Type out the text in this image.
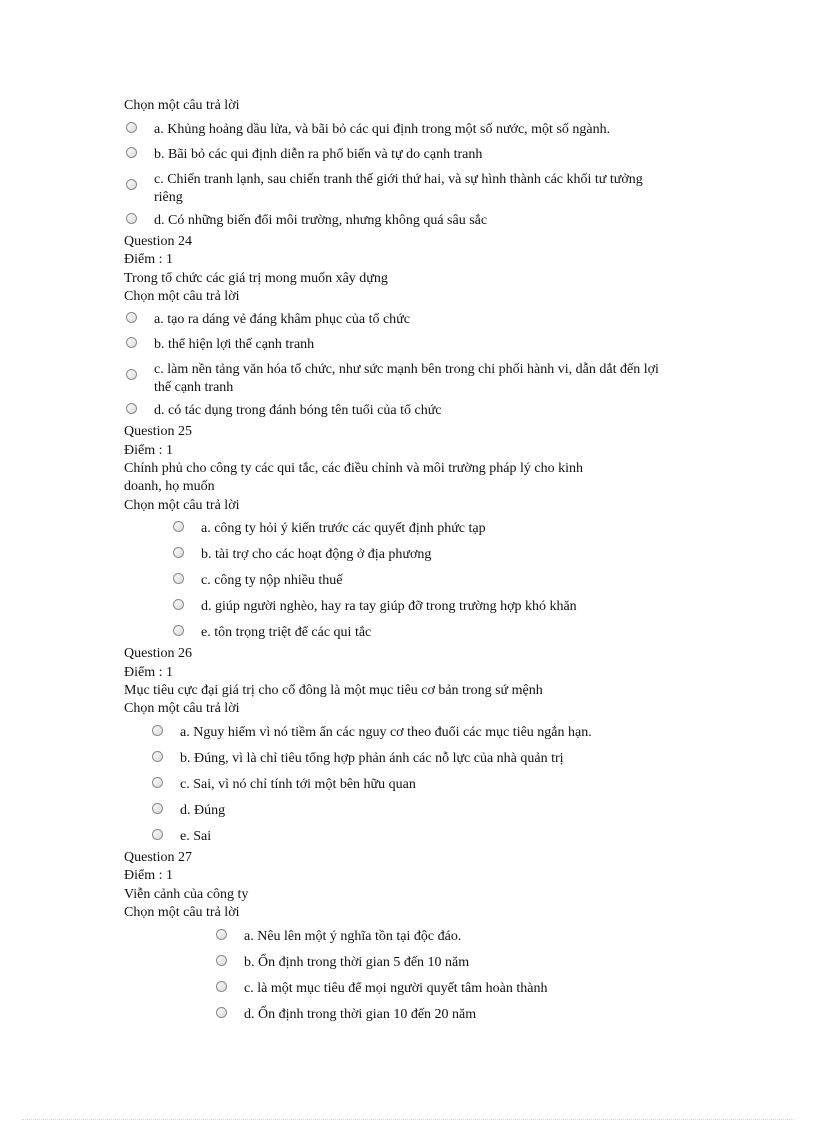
Chọn một câu trả lời
a. Khủng hoảng dầu lửa, và bãi bỏ các qui định trong một số nước, một số ngành.
b. Bãi bỏ các qui định diễn ra phổ biến và tự do cạnh tranh
c. Chiến tranh lạnh, sau chiến tranh thế giới thứ hai, và sự hình thành các khối tư tưởng riêng
d. Có những biến đổi môi trường, nhưng không quá sâu sắc
Question 24
Điểm : 1
Trong tổ chức các giá trị mong muốn xây dựng
Chọn một câu trả lời
a. tạo ra dáng vẻ đáng khâm phục của tổ chức
b. thể hiện lợi thế cạnh tranh
c. làm nền tảng văn hóa tổ chức, như sức mạnh bên trong chi phối hành vi, dẫn dắt đến lợi thế cạnh tranh
d. có tác dụng trong đánh bóng tên tuổi của tổ chức
Question 25
Điểm : 1
Chính phủ cho công ty các qui tắc, các điều chỉnh và môi trường pháp lý cho kinh
doanh, họ muốn
Chọn một câu trả lời
a. công ty hỏi ý kiến trước các quyết định phức tạp
b. tài trợ cho các hoạt động ở địa phương
c. công ty nộp nhiều thuế
d. giúp người nghèo, hay ra tay giúp đỡ trong trường hợp khó khăn
e. tôn trọng triệt để các qui tắc
Question 26
Điểm : 1
Mục tiêu cực đại giá trị cho cổ đông là một mục tiêu cơ bản trong sứ mệnh
Chọn một câu trả lời
a. Nguy hiểm vì nó tiềm ẩn các nguy cơ theo đuổi các mục tiêu ngắn hạn.
b. Đúng, vì là chỉ tiêu tổng hợp phản ánh các nỗ lực của nhà quản trị
c. Sai, vì nó chỉ tính tới một bên hữu quan
d. Đúng
e. Sai
Question 27
Điểm : 1
Viễn cảnh của công ty
Chọn một câu trả lời
a. Nêu lên một ý nghĩa tồn tại độc đáo.
b. Ổn định trong thời gian 5 đến 10 năm
c. là một mục tiêu để mọi người quyết tâm hoàn thành
d. Ổn định trong thời gian 10 đến 20 năm
